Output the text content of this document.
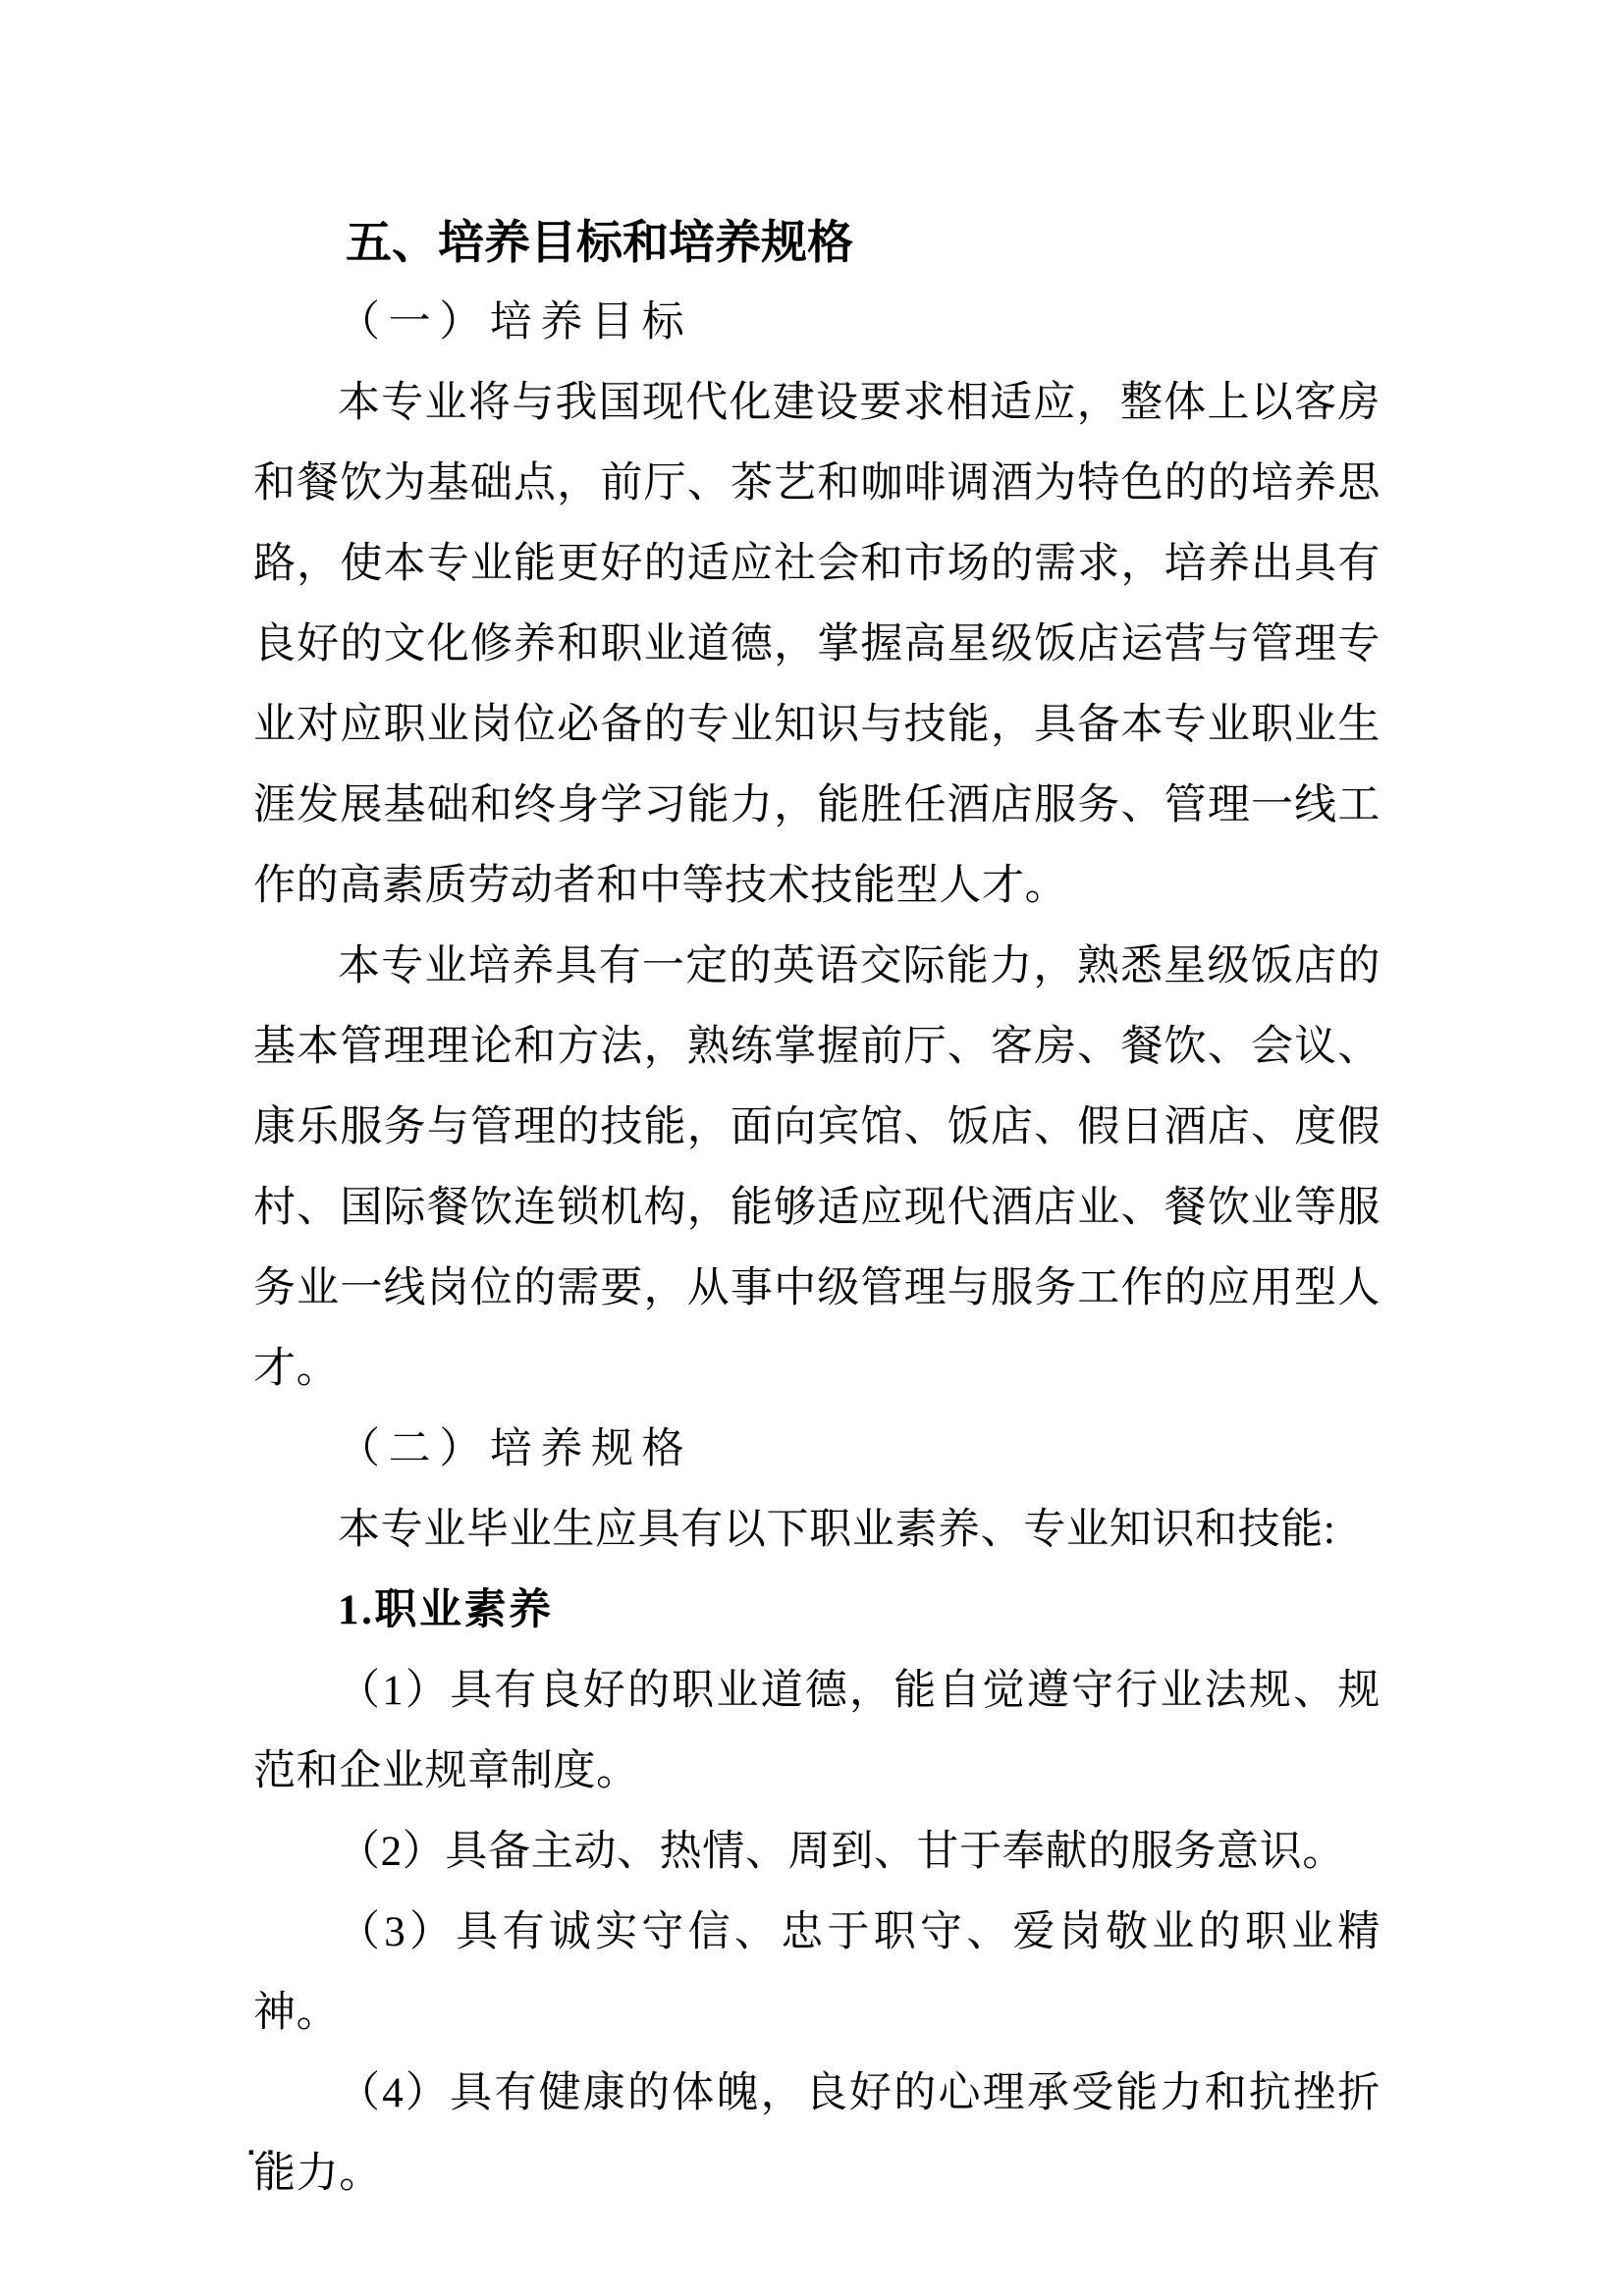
五、培养目标和培养规格
（一）培养目标

本专业将与我国现代化建设要求相适应，整体上以客房和餐饮为基础点，前厅、茶艺和咖啡调酒为特色的的培养思路，使本专业能更好的适应社会和市场的需求，培养出具有良好的文化修养和职业道德，掌握高星级饭店运营与管理专业对应职业岗位必备的专业知识与技能，具备本专业职业生涯发展基础和终身学习能力，能胜任酒店服务、管理一线工作的高素质劳动者和中等技术技能型人才。

本专业培养具有一定的英语交际能力，熟悉星级饭店的基本管理理论和方法，熟练掌握前厅、客房、餐饮、会议、康乐服务与管理的技能，面向宾馆、饭店、假日酒店、度假村、国际餐饮连锁机构，能够适应现代酒店业、餐饮业等服务业一线岗位的需要，从事中级管理与服务工作的应用型人才。

（二）培养规格

本专业毕业生应具有以下职业素养、专业知识和技能:

1.职业素养

（1）具有良好的职业道德，能自觉遵守行业法规、规范和企业规章制度。

（2）具备主动、热情、周到、甘于奉献的服务意识。

（3）具有诚实守信、忠于职守、爱岗敬业的职业精神。

（4）具有健康的体魄，良好的心理承受能力和抗挫折能力。

..
